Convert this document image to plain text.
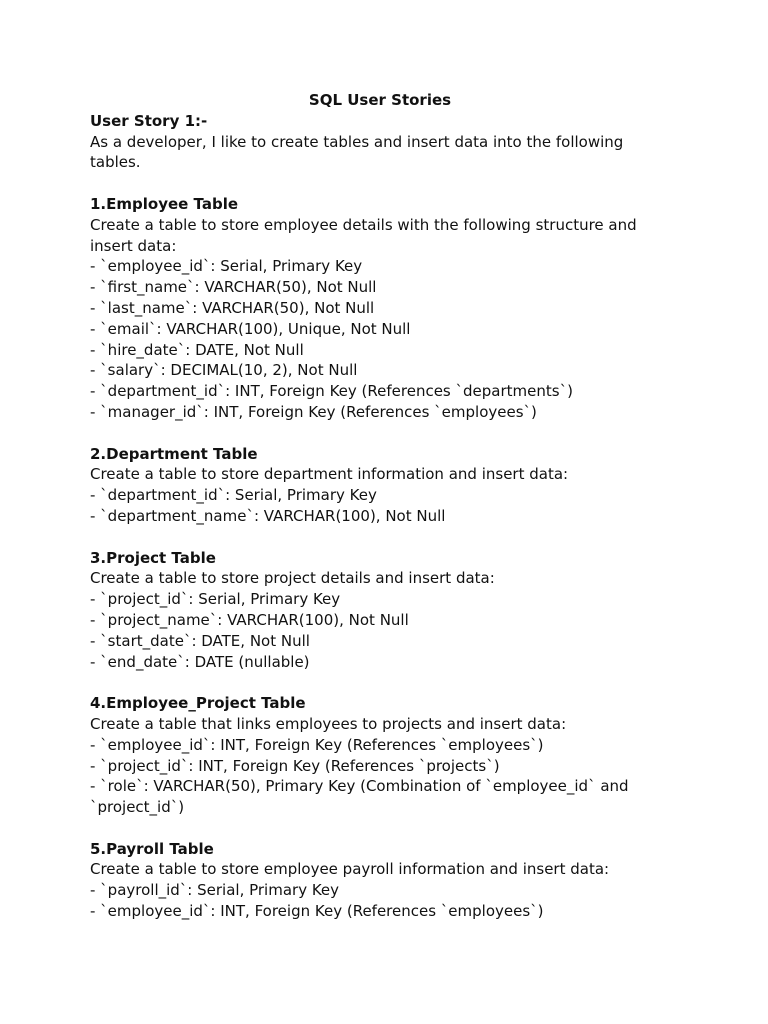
SQL User Stories

User Story 1:-

As a developer, I like to create tables and insert data into the following tables.

1.Employee Table

Create a table to store employee details with the following structure and insert data:

- `employee_id`: Serial, Primary Key

- `first_name`: VARCHAR(50), Not Null

- `last_name`: VARCHAR(50), Not Null

- `email`: VARCHAR(100), Unique, Not Null

- `hire_date`: DATE, Not Null

- `salary`: DECIMAL(10, 2), Not Null

- `department_id`: INT, Foreign Key (References `departments`)

- `manager_id`: INT, Foreign Key (References `employees`)

2.Department Table

Create a table to store department information and insert data:

- `department_id`: Serial, Primary Key

- `department_name`: VARCHAR(100), Not Null

3.Project Table

Create a table to store project details and insert data:

- `project_id`: Serial, Primary Key

- `project_name`: VARCHAR(100), Not Null

- `start_date`: DATE, Not Null

- `end_date`: DATE (nullable)

4.Employee_Project Table

Create a table that links employees to projects and insert data:

- `employee_id`: INT, Foreign Key (References `employees`)

- `project_id`: INT, Foreign Key (References `projects`)

- `role`: VARCHAR(50), Primary Key (Combination of `employee_id` and `project_id`)

5.Payroll Table

Create a table to store employee payroll information and insert data:

- `payroll_id`: Serial, Primary Key

- `employee_id`: INT, Foreign Key (References `employees`)
